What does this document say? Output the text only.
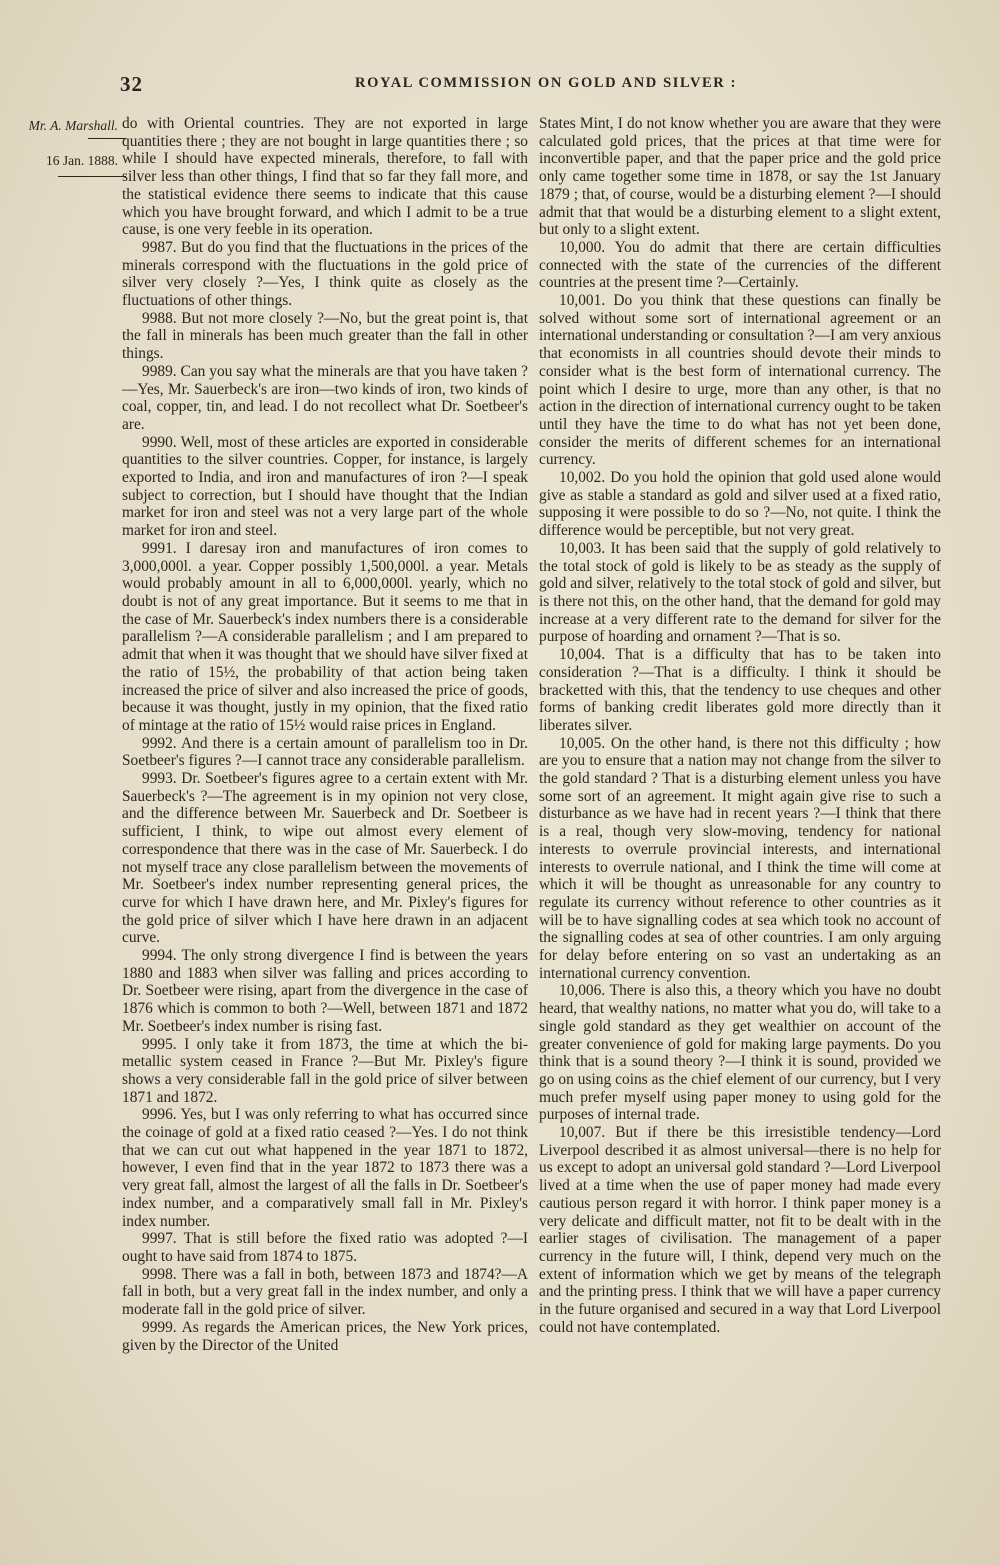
32	ROYAL COMMISSION ON GOLD AND SILVER :
Mr. A. Marshall.
16 Jan. 1888.

do with Oriental countries. They are not exported in large quantities there ; they are not bought in large quantities there ; so while I should have expected minerals, therefore, to fall with silver less than other things, I find that so far they fall more, and the statistical evidence there seems to indicate that this cause which you have brought forward, and which I admit to be a true cause, is one very feeble in its operation.

9987. But do you find that the fluctuations in the prices of the minerals correspond with the fluctuations in the gold price of silver very closely ?—Yes, I think quite as closely as the fluctuations of other things.

9988. But not more closely ?—No, but the great point is, that the fall in minerals has been much greater than the fall in other things.

9989. Can you say what the minerals are that you have taken ?—Yes, Mr. Sauerbeck's are iron—two kinds of iron, two kinds of coal, copper, tin, and lead. I do not recollect what Dr. Soetbeer's are.

9990. Well, most of these articles are exported in considerable quantities to the silver countries. Copper, for instance, is largely exported to India, and iron and manufactures of iron ?—I speak subject to correction, but I should have thought that the Indian market for iron and steel was not a very large part of the whole market for iron and steel.

9991. I daresay iron and manufactures of iron comes to 3,000,000l. a year. Copper possibly 1,500,000l. a year. Metals would probably amount in all to 6,000,000l. yearly, which no doubt is not of any great importance. But it seems to me that in the case of Mr. Sauerbeck's index numbers there is a considerable parallelism ?—A considerable parallelism ; and I am prepared to admit that when it was thought that we should have silver fixed at the ratio of 15½, the probability of that action being taken increased the price of silver and also increased the price of goods, because it was thought, justly in my opinion, that the fixed ratio of mintage at the ratio of 15½ would raise prices in England.

9992. And there is a certain amount of parallelism too in Dr. Soetbeer's figures ?—I cannot trace any considerable parallelism.

9993. Dr. Soetbeer's figures agree to a certain extent with Mr. Sauerbeck's ?—The agreement is in my opinion not very close, and the difference between Mr. Sauerbeck and Dr. Soetbeer is sufficient, I think, to wipe out almost every element of correspondence that there was in the case of Mr. Sauerbeck. I do not myself trace any close parallelism between the movements of Mr. Soetbeer's index number representing general prices, the curve for which I have drawn here, and Mr. Pixley's figures for the gold price of silver which I have here drawn in an adjacent curve.

9994. The only strong divergence I find is between the years 1880 and 1883 when silver was falling and prices according to Dr. Soetbeer were rising, apart from the divergence in the case of 1876 which is common to both ?—Well, between 1871 and 1872 Mr. Soetbeer's index number is rising fast.

9995. I only take it from 1873, the time at which the bi-metallic system ceased in France ?—But Mr. Pixley's figure shows a very considerable fall in the gold price of silver between 1871 and 1872.

9996. Yes, but I was only referring to what has occurred since the coinage of gold at a fixed ratio ceased ?—Yes. I do not think that we can cut out what happened in the year 1871 to 1872, however, I even find that in the year 1872 to 1873 there was a very great fall, almost the largest of all the falls in Dr. Soetbeer's index number, and a comparatively small fall in Mr. Pixley's index number.

9997. That is still before the fixed ratio was adopted ?—I ought to have said from 1874 to 1875.

9998. There was a fall in both, between 1873 and 1874?—A fall in both, but a very great fall in the index number, and only a moderate fall in the gold price of silver.

9999. As regards the American prices, the New York prices, given by the Director of the United

States Mint, I do not know whether you are aware that they were calculated gold prices, that the prices at that time were for inconvertible paper, and that the paper price and the gold price only came together some time in 1878, or say the 1st January 1879 ; that, of course, would be a disturbing element ?—I should admit that that would be a disturbing element to a slight extent, but only to a slight extent.

10,000. You do admit that there are certain difficulties connected with the state of the currencies of the different countries at the present time ?—Certainly.

10,001. Do you think that these questions can finally be solved without some sort of international agreement or an international understanding or consultation ?—I am very anxious that economists in all countries should devote their minds to consider what is the best form of international currency. The point which I desire to urge, more than any other, is that no action in the direction of international currency ought to be taken until they have the time to do what has not yet been done, consider the merits of different schemes for an international currency.

10,002. Do you hold the opinion that gold used alone would give as stable a standard as gold and silver used at a fixed ratio, supposing it were possible to do so ?—No, not quite. I think the difference would be perceptible, but not very great.

10,003. It has been said that the supply of gold relatively to the total stock of gold is likely to be as steady as the supply of gold and silver, relatively to the total stock of gold and silver, but is there not this, on the other hand, that the demand for gold may increase at a very different rate to the demand for silver for the purpose of hoarding and ornament ?—That is so.

10,004. That is a difficulty that has to be taken into consideration ?—That is a difficulty. I think it should be bracketted with this, that the tendency to use cheques and other forms of banking credit liberates gold more directly than it liberates silver.

10,005. On the other hand, is there not this difficulty ; how are you to ensure that a nation may not change from the silver to the gold standard ? That is a disturbing element unless you have some sort of an agreement. It might again give rise to such a disturbance as we have had in recent years ?—I think that there is a real, though very slow-moving, tendency for national interests to overrule provincial interests, and international interests to overrule national, and I think the time will come at which it will be thought as unreasonable for any country to regulate its currency without reference to other countries as it will be to have signalling codes at sea which took no account of the signalling codes at sea of other countries. I am only arguing for delay before entering on so vast an undertaking as an international currency convention.

10,006. There is also this, a theory which you have no doubt heard, that wealthy nations, no matter what you do, will take to a single gold standard as they get wealthier on account of the greater convenience of gold for making large payments. Do you think that is a sound theory ?—I think it is sound, provided we go on using coins as the chief element of our currency, but I very much prefer myself using paper money to using gold for the purposes of internal trade.

10,007. But if there be this irresistible tendency—Lord Liverpool described it as almost universal—there is no help for us except to adopt an universal gold standard ?—Lord Liverpool lived at a time when the use of paper money had made every cautious person regard it with horror. I think paper money is a very delicate and difficult matter, not fit to be dealt with in the earlier stages of civilisation. The management of a paper currency in the future will, I think, depend very much on the extent of information which we get by means of the telegraph and the printing press. I think that we will have a paper currency in the future organised and secured in a way that Lord Liverpool could not have contemplated.
